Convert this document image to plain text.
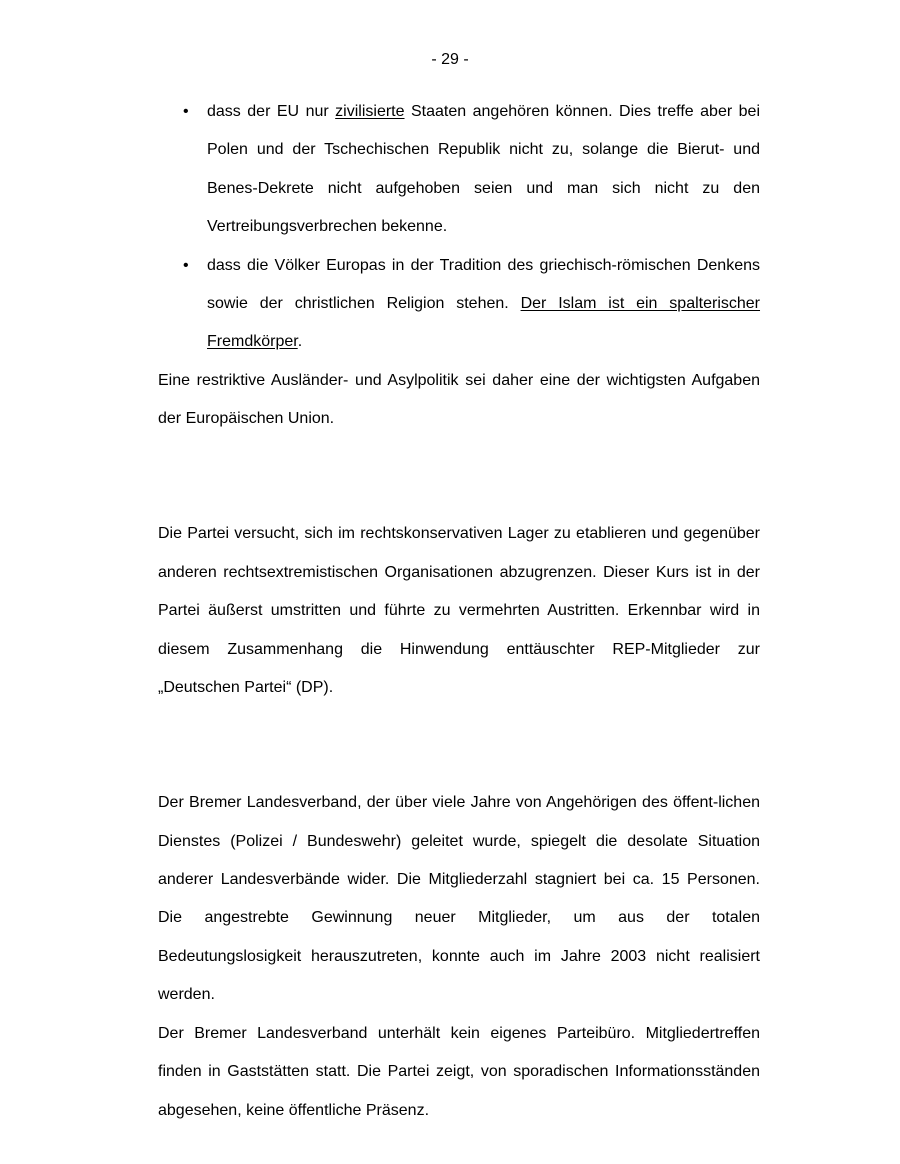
- 29 -
• dass der EU nur zivilisierte Staaten angehören können. Dies treffe aber bei Polen und der Tschechischen Republik nicht zu, solange die Bierut- und Benes-Dekrete nicht aufgehoben seien und man sich nicht zu den Vertreibungsverbrechen bekenne.
• dass die Völker Europas in der Tradition des griechisch-römischen Denkens sowie der christlichen Religion stehen. Der Islam ist ein spalterischer Fremdkörper.

Eine restriktive Ausländer- und Asylpolitik sei daher eine der wichtigsten Aufgaben der Europäischen Union.

Die Partei versucht, sich im rechtskonservativen Lager zu etablieren und gegenüber anderen rechtsextremistischen Organisationen abzugrenzen. Dieser Kurs ist in der Partei äußerst umstritten und führte zu vermehrten Austritten. Erkennbar wird in diesem Zusammenhang die Hinwendung enttäuschter REP-Mitglieder zur „Deutschen Partei“ (DP).

Der Bremer Landesverband, der über viele Jahre von Angehörigen des öffent-lichen Dienstes (Polizei / Bundeswehr) geleitet wurde, spiegelt die desolate Situation anderer Landesverbände wider. Die Mitgliederzahl stagniert bei ca. 15 Personen. Die angestrebte Gewinnung neuer Mitglieder, um aus der totalen Bedeutungslosigkeit herauszutreten, konnte auch im Jahre 2003 nicht realisiert werden.

Der Bremer Landesverband unterhält kein eigenes Parteibüro. Mitgliedertreffen finden in Gaststätten statt. Die Partei zeigt, von sporadischen Informationsständen abgesehen, keine öffentliche Präsenz.
